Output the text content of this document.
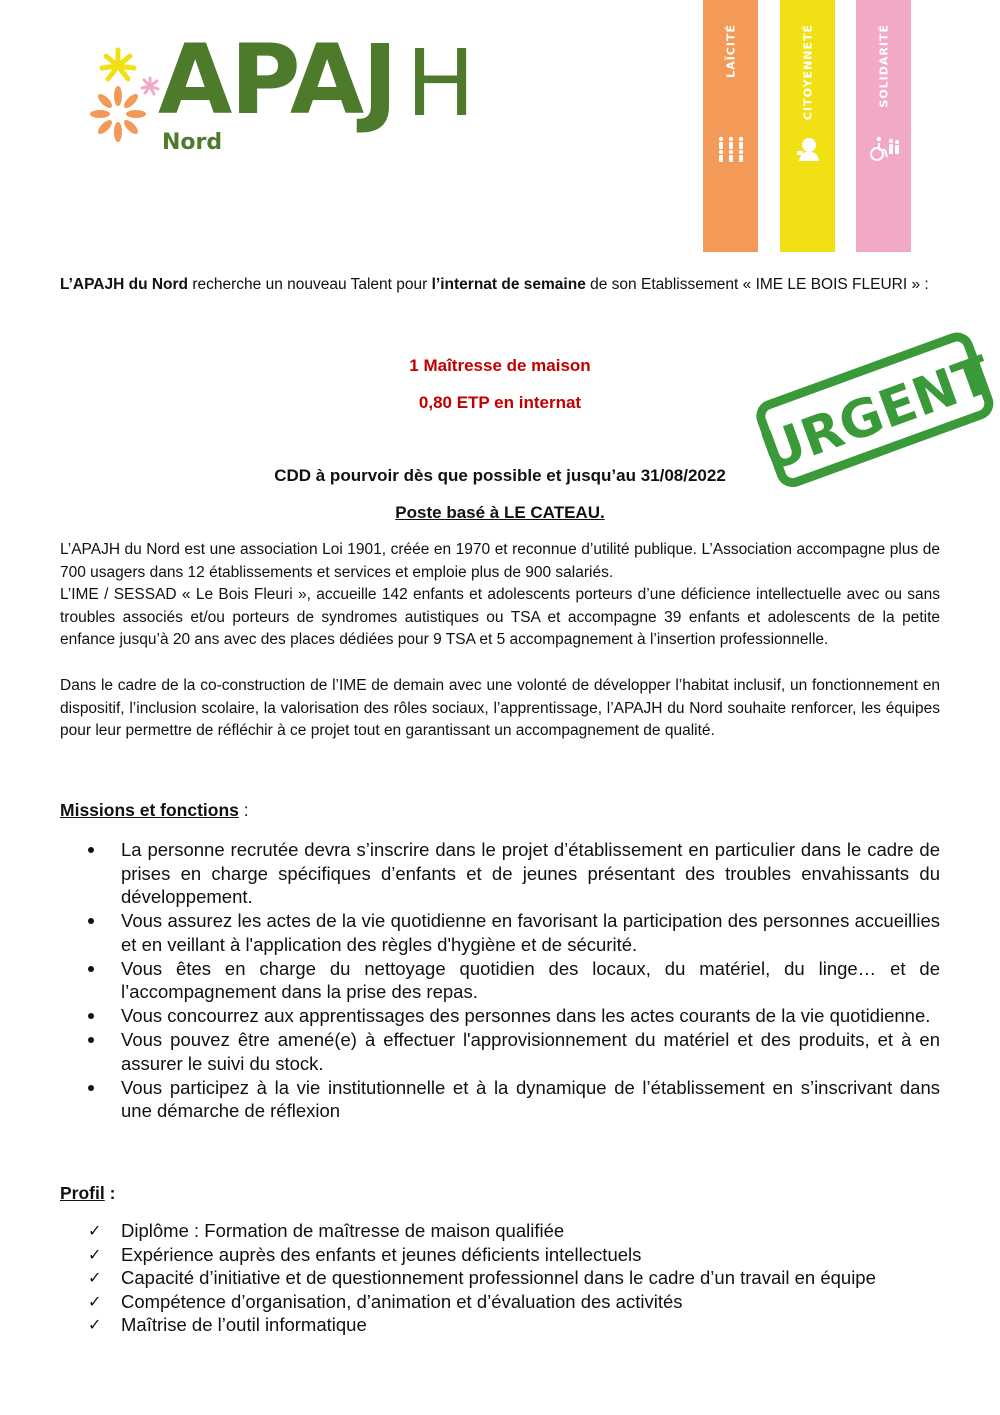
APAJ H
Nord
LAÏCITÉ	CITOYENNETÉ	SOLIDARITÉ
L’APAJH du Nord recherche un nouveau Talent pour l’internat de semaine de son Etablissement « IME LE BOIS FLEURI » :
1 Maîtresse de maison
0,80 ETP en internat
CDD à pourvoir dès que possible et jusqu’au 31/08/2022
Poste basé à LE CATEAU.
URGENT
L’APAJH du Nord est une association Loi 1901, créée en 1970 et reconnue d’utilité publique. L’Association accompagne plus de 700 usagers dans 12 établissements et services et emploie plus de 900 salariés.
L’IME / SESSAD « Le Bois Fleuri », accueille 142 enfants et adolescents porteurs d’une déficience intellectuelle avec ou sans troubles associés et/ou porteurs de syndromes autistiques ou TSA et accompagne 39 enfants et adolescents de la petite enfance jusqu’à 20 ans avec des places dédiées pour 9 TSA et 5 accompagnement à l’insertion professionnelle.
Dans le cadre de la co-construction de l’IME de demain avec une volonté de développer l’habitat inclusif, un fonctionnement en dispositif, l’inclusion scolaire, la valorisation des rôles sociaux, l’apprentissage, l’APAJH du Nord souhaite renforcer, les équipes pour leur permettre de réfléchir à ce projet tout en garantissant un accompagnement de qualité.
Missions et fonctions :
La personne recrutée devra s’inscrire dans le projet d’établissement en particulier dans le cadre de prises en charge spécifiques d’enfants et de jeunes présentant des troubles envahissants du développement.
Vous assurez les actes de la vie quotidienne en favorisant la participation des personnes accueillies et en veillant à l'application des règles d'hygiène et de sécurité.
Vous êtes en charge du nettoyage quotidien des locaux, du matériel, du linge… et de l’accompagnement dans la prise des repas.
Vous concourrez aux apprentissages des personnes dans les actes courants de la vie quotidienne.
Vous pouvez être amené(e) à effectuer l'approvisionnement du matériel et des produits, et à en assurer le suivi du stock.
Vous participez à la vie institutionnelle et à la dynamique de l’établissement en s’inscrivant dans une démarche de réflexion
Profil :
✓ Diplôme : Formation de maîtresse de maison qualifiée
✓ Expérience auprès des enfants et jeunes déficients intellectuels
✓ Capacité d’initiative et de questionnement professionnel dans le cadre d’un travail en équipe
✓ Compétence d’organisation, d’animation et d’évaluation des activités
✓ Maîtrise de l’outil informatique
